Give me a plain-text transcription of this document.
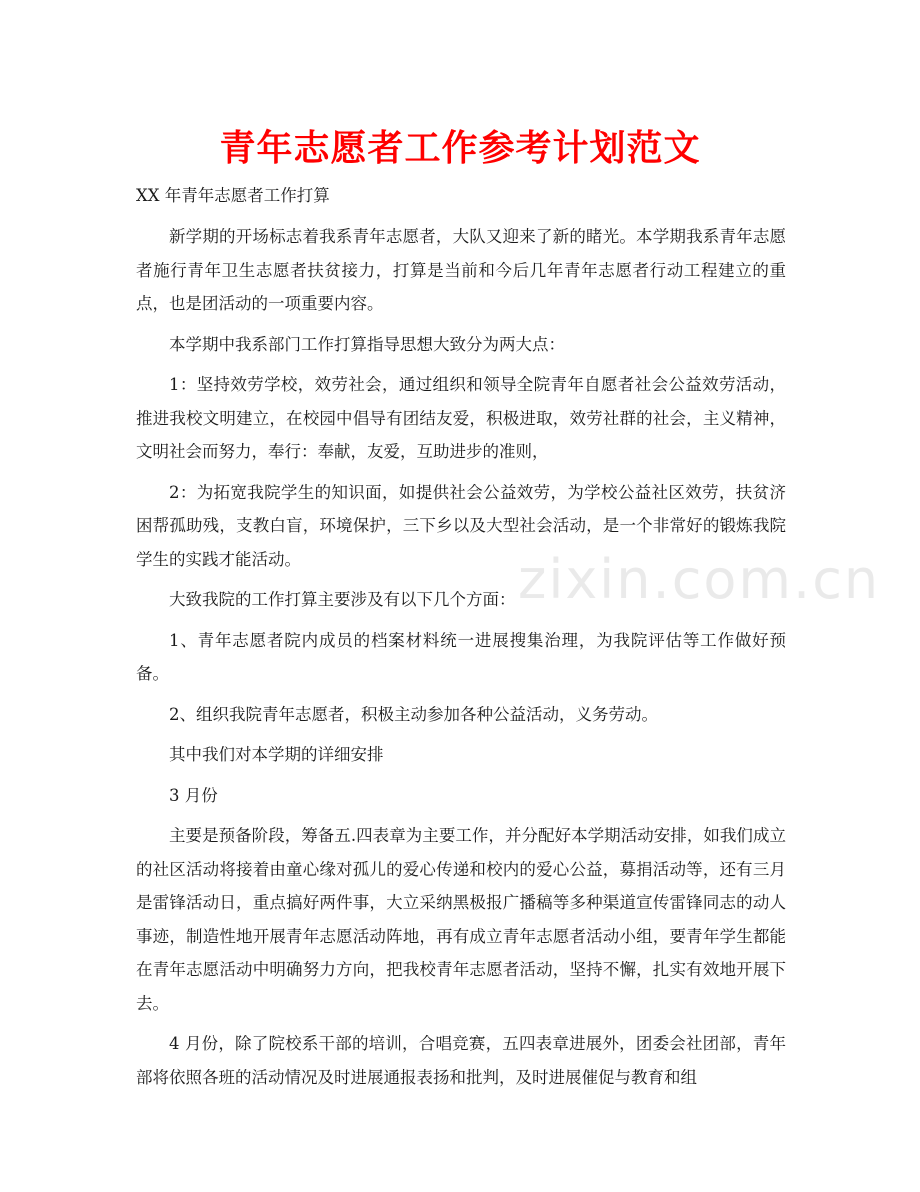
青年志愿者工作参考计划范文
XX 年青年志愿者工作打算

新学期的开场标志着我系青年志愿者，大队又迎来了新的睹光。本学期我系青年志愿者施行青年卫生志愿者扶贫接力，打算是当前和今后几年青年志愿者行动工程建立的重点，也是团活动的一项重要内容。

本学期中我系部门工作打算指导思想大致分为两大点：

1：坚持效劳学校，效劳社会，通过组织和领导全院青年自愿者社会公益效劳活动，推进我校文明建立，在校园中倡导有团结友爱，积极进取，效劳社群的社会，主义精神，文明社会而努力，奉行：奉献，友爱，互助进步的准则，

2：为拓宽我院学生的知识面，如提供社会公益效劳，为学校公益社区效劳，扶贫济困帮孤助残，支教白盲，环境保护，三下乡以及大型社会活动，是一个非常好的锻炼我院学生的实践才能活动。

大致我院的工作打算主要涉及有以下几个方面：

1、青年志愿者院内成员的档案材料统一进展搜集治理，为我院评估等工作做好预备。

2、组织我院青年志愿者，积极主动参加各种公益活动，义务劳动。

其中我们对本学期的详细安排

3 月份

主要是预备阶段，筹备五.四表章为主要工作，并分配好本学期活动安排，如我们成立的社区活动将接着由童心缘对孤儿的爱心传递和校内的爱心公益，募捐活动等，还有三月是雷锋活动日，重点搞好两件事，大立采纳黑极报广播稿等多种渠道宣传雷锋同志的动人事迹，制造性地开展青年志愿活动阵地，再有成立青年志愿者活动小组，要青年学生都能在青年志愿活动中明确努力方向，把我校青年志愿者活动，坚持不懈，扎实有效地开展下去。

4 月份，除了院校系干部的培训，合唱竞赛，五四表章进展外，团委会社团部，青年部将依照各班的活动情况及时进展通报表扬和批判，及时进展催促与教育和组

zixin.com.cn
